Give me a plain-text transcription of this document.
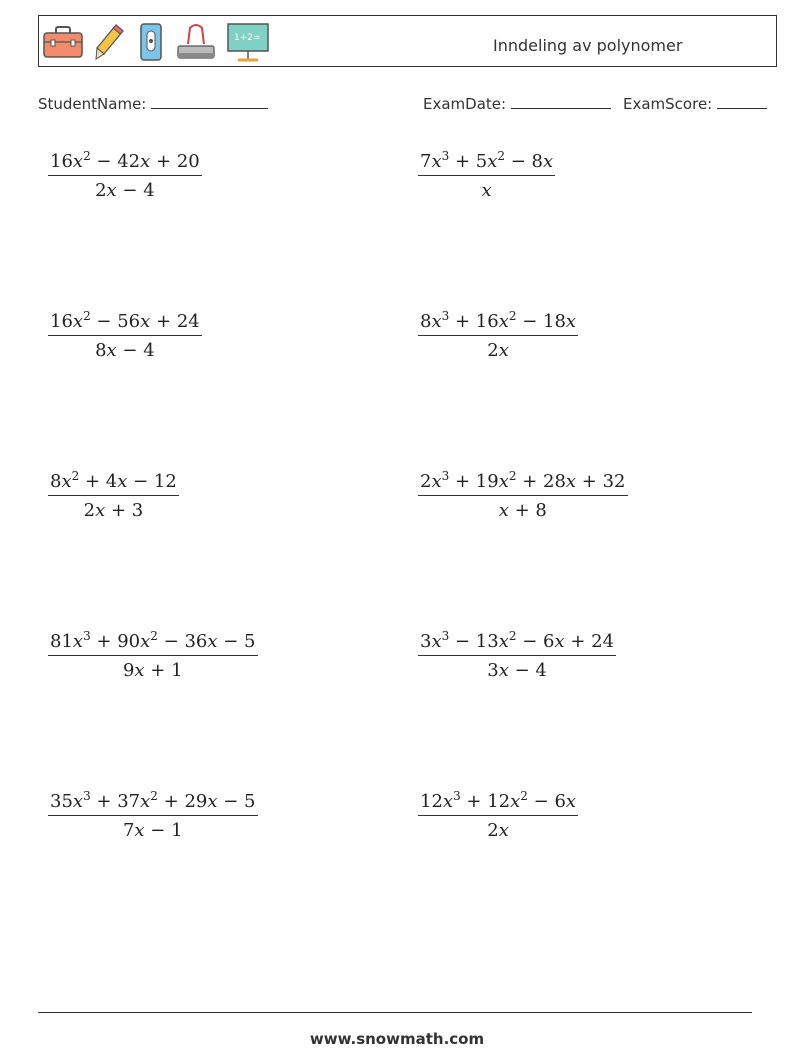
1+2=	Inndeling av polynomer
StudentName:	ExamDate:	ExamScore:
$16x^2 - 42x + 20$
2x − 4
$7x^3 + 5x^2 - 8x$
x
$16x^2 - 56x + 24$
8x − 4
$8x^3 + 16x^2 - 18x$
2x
$8x^2 + 4x - 12$
2x + 3
$2x^3 + 19x^2 + 28x + 32$
x + 8
$81x^3 + 90x^2 - 36x - 5$
9x + 1
$3x^3 - 13x^2 - 6x + 24$
3x − 4
$35x^3 + 37x^2 + 29x - 5$
7x − 1
$12x^3 + 12x^2 - 6x$
2x
www.snowmath.com
